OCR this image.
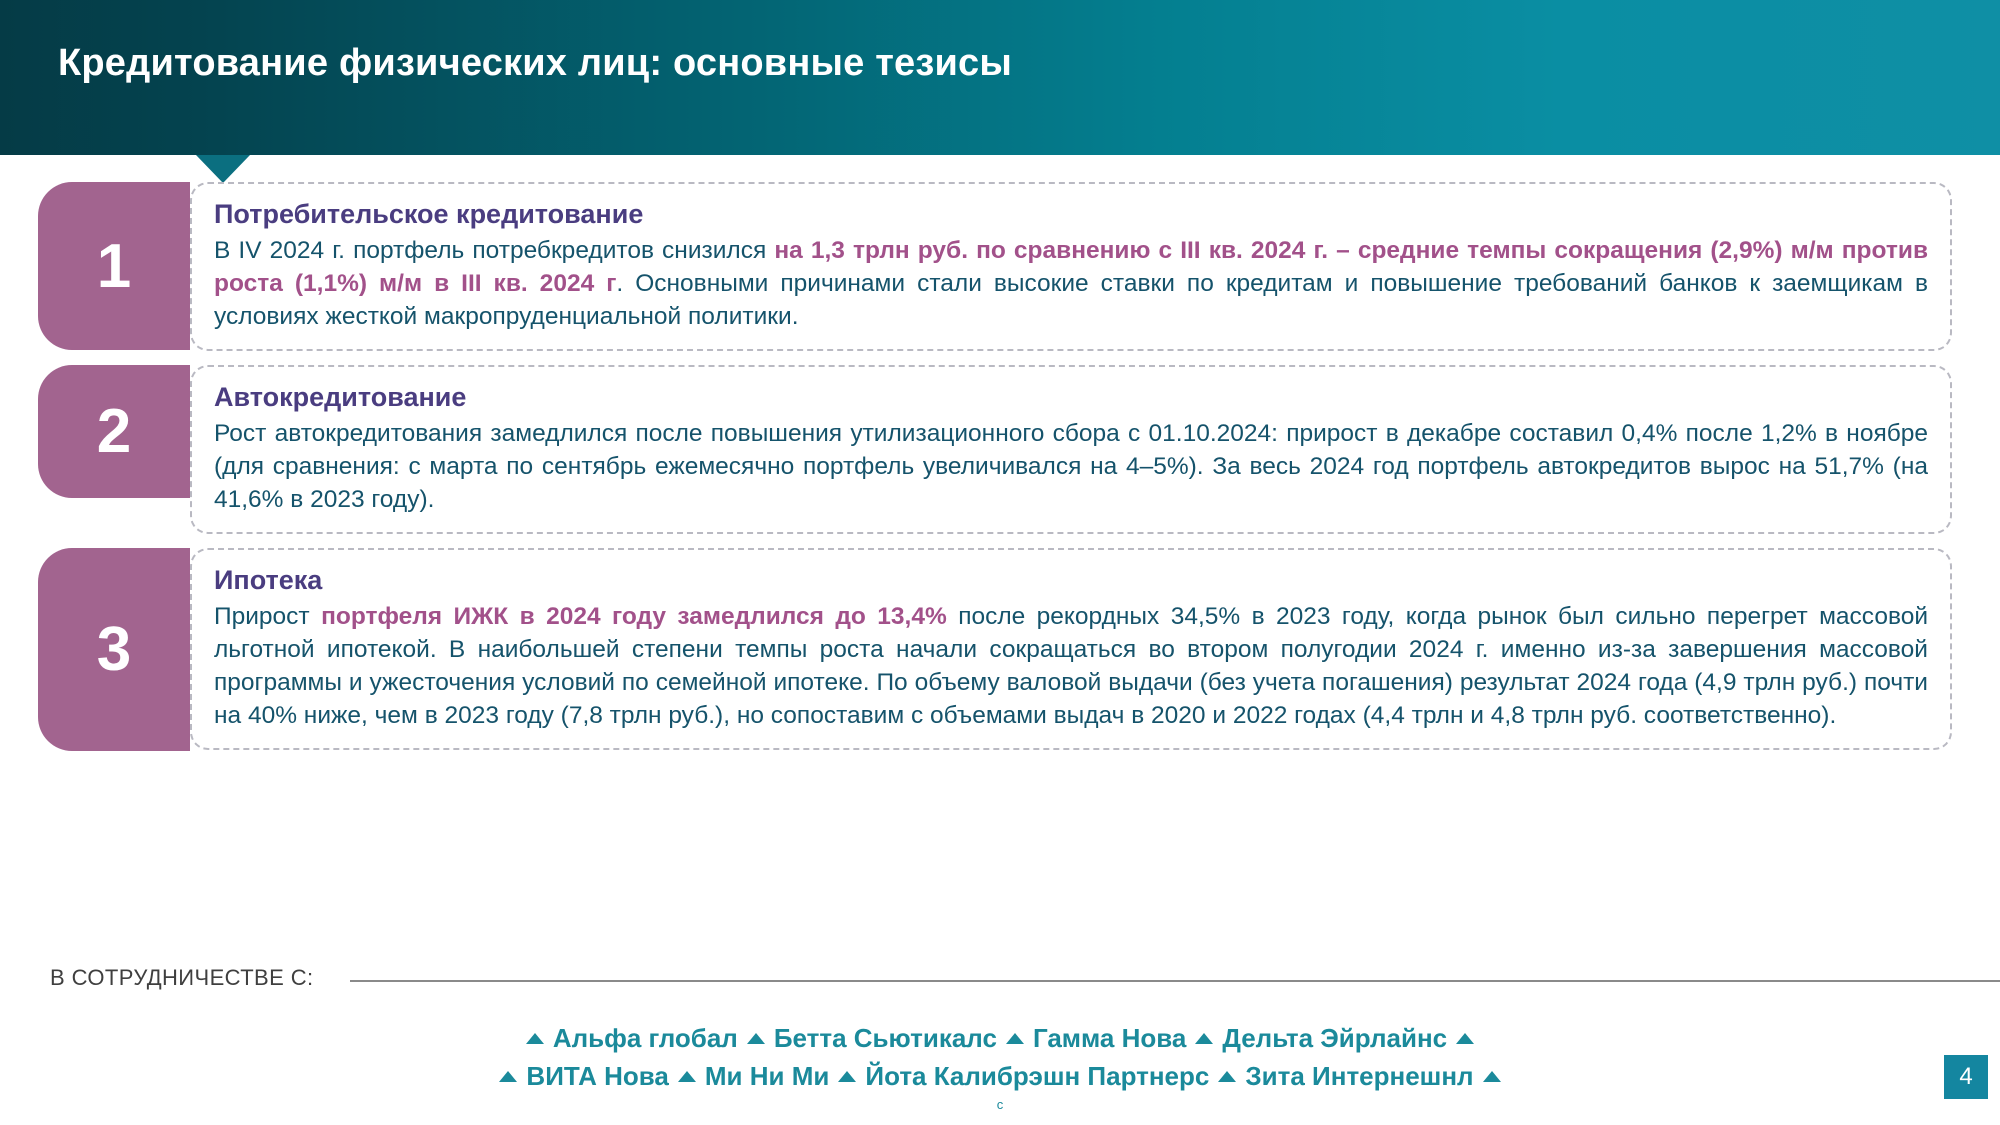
Кредитование физических лиц: основные тезисы
1
Потребительское кредитование
В IV 2024 г. портфель потребкредитов снизился на 1,3 трлн руб. по сравнению с III кв. 2024 г. – средние темпы сокращения (2,9%) м/м против роста (1,1%) м/м в III кв. 2024 г. Основными причинами стали высокие ставки по кредитам и повышение требований банков к заемщикам в условиях жесткой макропруденциальной политики.
2	Автокредитование
Рост автокредитования замедлился после повышения утилизационного сбора с 01.10.2024: прирост в декабре составил 0,4% после 1,2% в ноябре (для сравнения: с марта по сентябрь ежемесячно портфель увеличивался на 4–5%). За весь 2024 год портфель автокредитов вырос на 51,7% (на 41,6% в 2023 году).
3
Ипотека
Прирост портфеля ИЖК в 2024 году замедлился до 13,4% после рекордных 34,5% в 2023 году, когда рынок был сильно перегрет массовой льготной ипотекой. В наибольшей степени темпы роста начали сокращаться во втором полугодии 2024 г. именно из-за завершения массовой программы и ужесточения условий по семейной ипотеке. По объему валовой выдачи (без учета погашения) результат 2024 года (4,9 трлн руб.) почти на 40% ниже, чем в 2023 году (7,8 трлн руб.), но сопоставим с объемами выдач в 2020 и 2022 годах (4,4 трлн и 4,8 трлн руб. соответственно).
В СОТРУДНИЧЕСТВЕ С:
Альфа глобал Бетта Сьютикалс Гамма Нова Дельта Эйрлайнс
ВИТА Нова Ми Ни Ми Йота Калибрэшн Партнерс Зита Интернешнл
с
4
